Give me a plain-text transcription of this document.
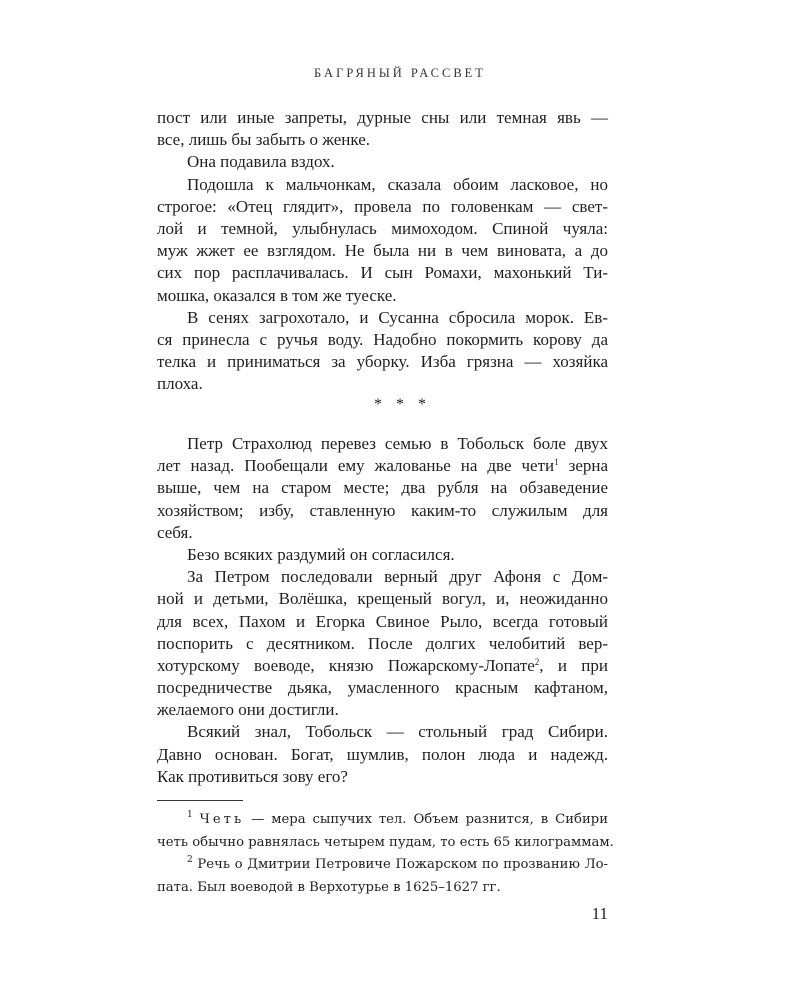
БАГРЯНЫЙ РАССВЕТ
пост или иные запреты, дурные сны или темная явь —
все, лишь бы забыть о женке.
Она подавила вздох.
Подошла к мальчонкам, сказала обоим ласковое, но
строгое: «Отец глядит», провела по головенкам — свет-
лой и темной, улыбнулась мимоходом. Спиной чуяла:
муж жжет ее взглядом. Не была ни в чем виновата, а до
сих пор расплачивалась. И сын Ромахи, махонький Ти-
мошка, оказался в том же туеске.
В сенях загрохотало, и Сусанна сбросила морок. Ев-
ся принесла с ручья воду. Надобно покормить корову да
телка и приниматься за уборку. Изба грязна — хозяйка
плоха.
* * *
Петр Страхолюд перевез семью в Тобольск боле двух
лет назад. Пообещали ему жалованье на две чети$^1$ зерна
выше, чем на старом месте; два рубля на обзаведение
хозяйством; избу, ставленную каким-то служилым для
себя.
Безо всяких раздумий он согласился.
За Петром последовали верный друг Афоня с Дом-
ной и детьми, Волёшка, крещеный вогул, и, неожиданно
для всех, Пахом и Егорка Свиное Рыло, всегда готовый
поспорить с десятником. После долгих челобитий вер-
хотурскому воеводе, князю Пожарскому-Лопате$^2$, и при
посредничестве дьяка, умасленного красным кафтаном,
желаемого они достигли.
Всякий знал, Тобольск — стольный град Сибири.
Давно основан. Богат, шумлив, полон люда и надежд.
Как противиться зову его?
$^1$ Четь — мера сыпучих тел. Объем разнится, в Сибири
четь обычно равнялась четырем пудам, то есть 65 килограммам.
$^2$ Речь о Дмитрии Петровиче Пожарском по прозванию Ло-
пата. Был воеводой в Верхотурье в 1625–1627 гг.
11
